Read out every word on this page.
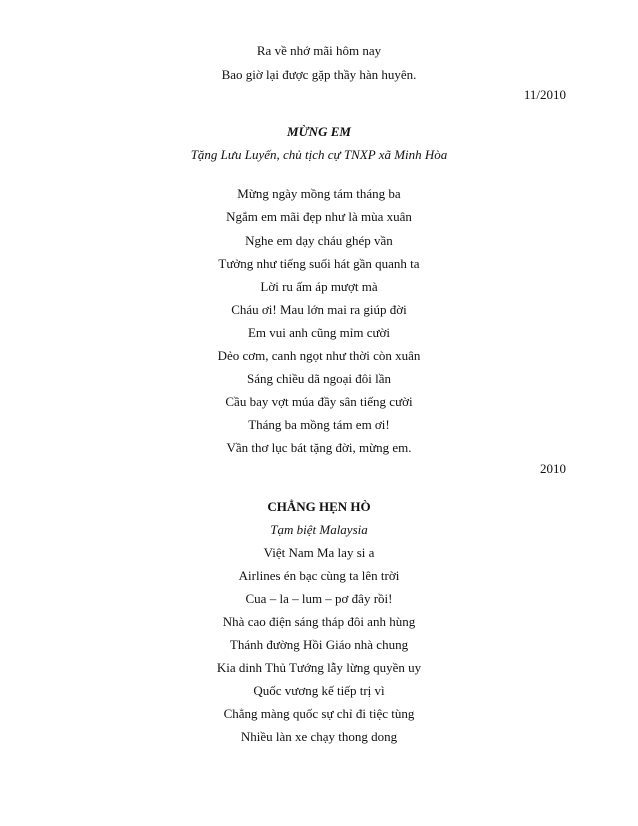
Ra về nhớ mãi hôm nay

Bao giờ lại được gặp thầy hàn huyên.

11/2010

MỪNG EM

Tặng Lưu Luyến, chủ tịch cự TNXP xã Minh Hòa

Mừng ngày mồng tám tháng ba

Ngắm em mãi đẹp như là mùa xuân

Nghe em dạy cháu ghép vần

Tưởng như tiếng suối hát gần quanh ta

Lời ru ấm áp mượt mà

Cháu ơi! Mau lớn mai ra giúp đời

Em vui anh cũng mỉm cười

Dẻo cơm, canh ngọt như thời còn xuân

Sáng chiều dã ngoại đôi lần

Cầu bay vợt múa đầy sân tiếng cười

Tháng ba mồng tám em ơi!

Vần thơ lục bát tặng đời, mừng em.

2010

CHẲNG HẸN HÒ

Tạm biệt Malaysia

Việt Nam Ma lay si a

Airlines én bạc cùng ta lên trời

Cua – la – lum – pơ đây rồi!

Nhà cao điện sáng tháp đôi anh hùng

Thánh đường Hồi Giáo nhà chung

Kia dinh Thủ Tướng lẫy lừng quyền uy

Quốc vương kế tiếp trị vì

Chẳng màng quốc sự chỉ đi tiệc tùng

Nhiều làn xe chạy thong dong
